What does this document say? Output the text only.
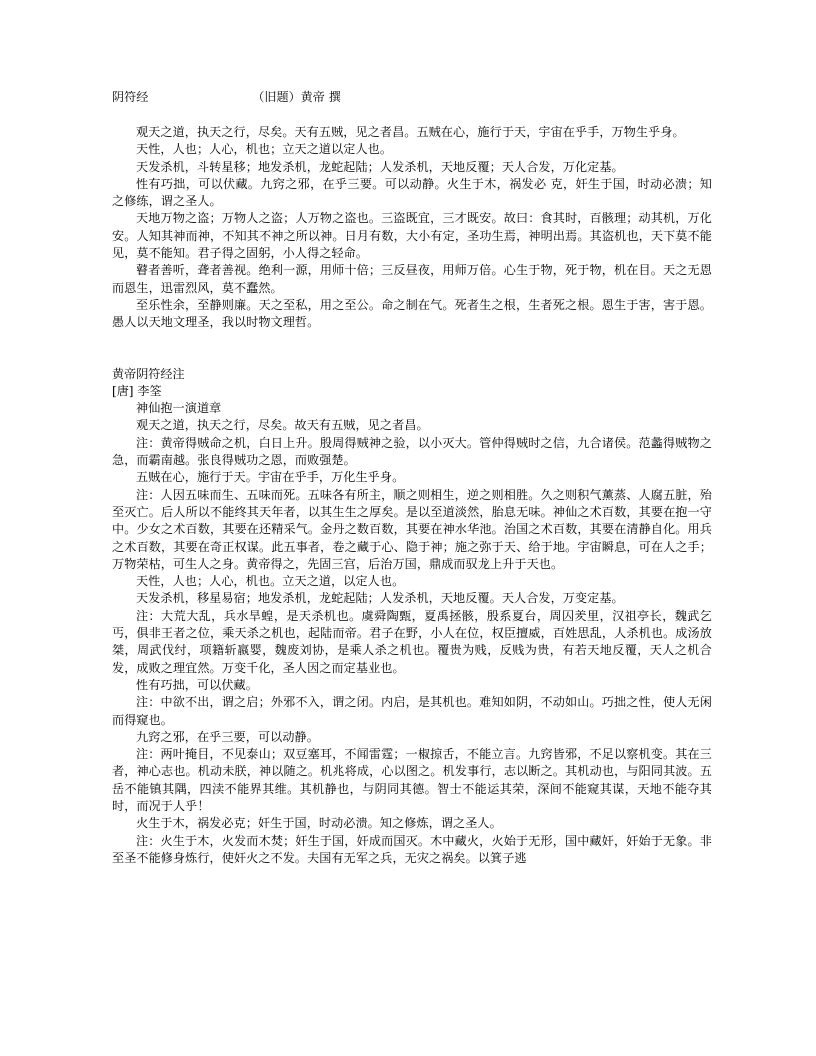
阴符经	（旧题）黄帝 撰

观天之道，执天之行，尽矣。天有五贼，见之者昌。五贼在心，施行于天，宇宙在乎手，万物生乎身。

天性，人也；人心，机也；立天之道以定人也。

天发杀机，斗转星移；地发杀机，龙蛇起陆；人发杀机，天地反覆；天人合发，万化定基。

性有巧拙，可以伏藏。九窍之邪，在乎三要。可以动静。火生于木，祸发必 克，奸生于国，时动必溃；知之修练，谓之圣人。

天地万物之盗；万物人之盗；人万物之盗也。三盗既宜，三才既安。故曰：食其时，百骸理；动其机，万化安。人知其神而神，不知其不神之所以神。日月有数，大小有定，圣功生焉，神明出焉。其盗机也，天下莫不能见，莫不能知。君子得之固躬，小人得之轻命。

瞽者善听，聋者善视。绝利一源，用师十倍；三反昼夜，用师万倍。心生于物，死于物，机在目。天之无恩而恩生，迅雷烈风，莫不蠢然。

至乐性余，至静则廉。天之至私，用之至公。命之制在气。死者生之根，生者死之根。恩生于害，害于恩。愚人以天地文理圣，我以时物文理哲。

黄帝阴符经注

[唐] 李筌

神仙抱一演道章

观天之道，执天之行，尽矣。故天有五贼，见之者昌。

注：黄帝得贼命之机，白日上升。殷周得贼神之验，以小灭大。管仲得贼时之信，九合诸侯。范蠡得贼物之急，而霸南越。张良得贼功之恩，而败强楚。

五贼在心，施行于天。宇宙在乎手，万化生乎身。

注：人因五味而生、五味而死。五味各有所主，顺之则相生，逆之则相胜。久之则积气薰蒸、人腐五脏，殆至灭亡。后人所以不能终其天年者，以其生生之厚矣。是以至道淡然，胎息无味。神仙之术百数，其要在抱一守中。少女之术百数，其要在还精采气。金丹之数百数，其要在神水华池。治国之术百数，其要在清静自化。用兵之术百数，其要在奇正权谋。此五事者，卷之藏于心、隐于神；施之弥于天、给于地。宇宙瞬息，可在人之手；万物荣枯，可生人之身。黄帝得之，先固三宫，后治万国，鼎成而驭龙上升于天也。

天性，人也；人心，机也。立天之道，以定人也。

天发杀机，移星易宿；地发杀机，龙蛇起陆；人发杀机，天地反覆。天人合发，万变定基。

注：大荒大乱，兵水旱蝗，是天杀机也。虞舜陶甄，夏禹拯骸，殷系夏台，周囚羑里，汉祖亭长，魏武乞丐，俱非王者之位，乘天杀之机也，起陆而帝。君子在野，小人在位，权臣擅威，百姓思乱，人杀机也。成汤放桀，周武伐纣，项籍斩嬴婴，魏废刘协，是乘人杀之机也。覆贵为贱，反贱为贵，有若天地反覆，天人之机合发，成败之理宜然。万变千化，圣人因之而定基业也。

性有巧拙，可以伏藏。

注：中欲不出，谓之启；外邪不入，谓之闭。内启，是其机也。难知如阴，不动如山。巧拙之性，使人无闲而得窥也。

九窍之邪，在乎三要，可以动静。

注：两叶掩目，不见泰山；双豆塞耳，不闻雷霆；一椒掠舌，不能立言。九窍皆邪，不足以察机变。其在三者，神心志也。机动未朕，神以随之。机兆将成，心以图之。机发事行，志以断之。其机动也，与阳同其波。五岳不能镇其隅，四渎不能界其维。其机静也，与阴同其德。智士不能运其荣，深间不能窥其谋，天地不能夺其时，而况于人乎！

火生于木，祸发必克；奸生于国，时动必溃。知之修炼，谓之圣人。

注：火生于木，火发而木焚；奸生于国，奸成而国灭。木中藏火，火始于无形，国中藏奸，奸始于无象。非至圣不能修身炼行，使奸火之不发。夫国有无军之兵，无灾之祸矣。以箕子逃
